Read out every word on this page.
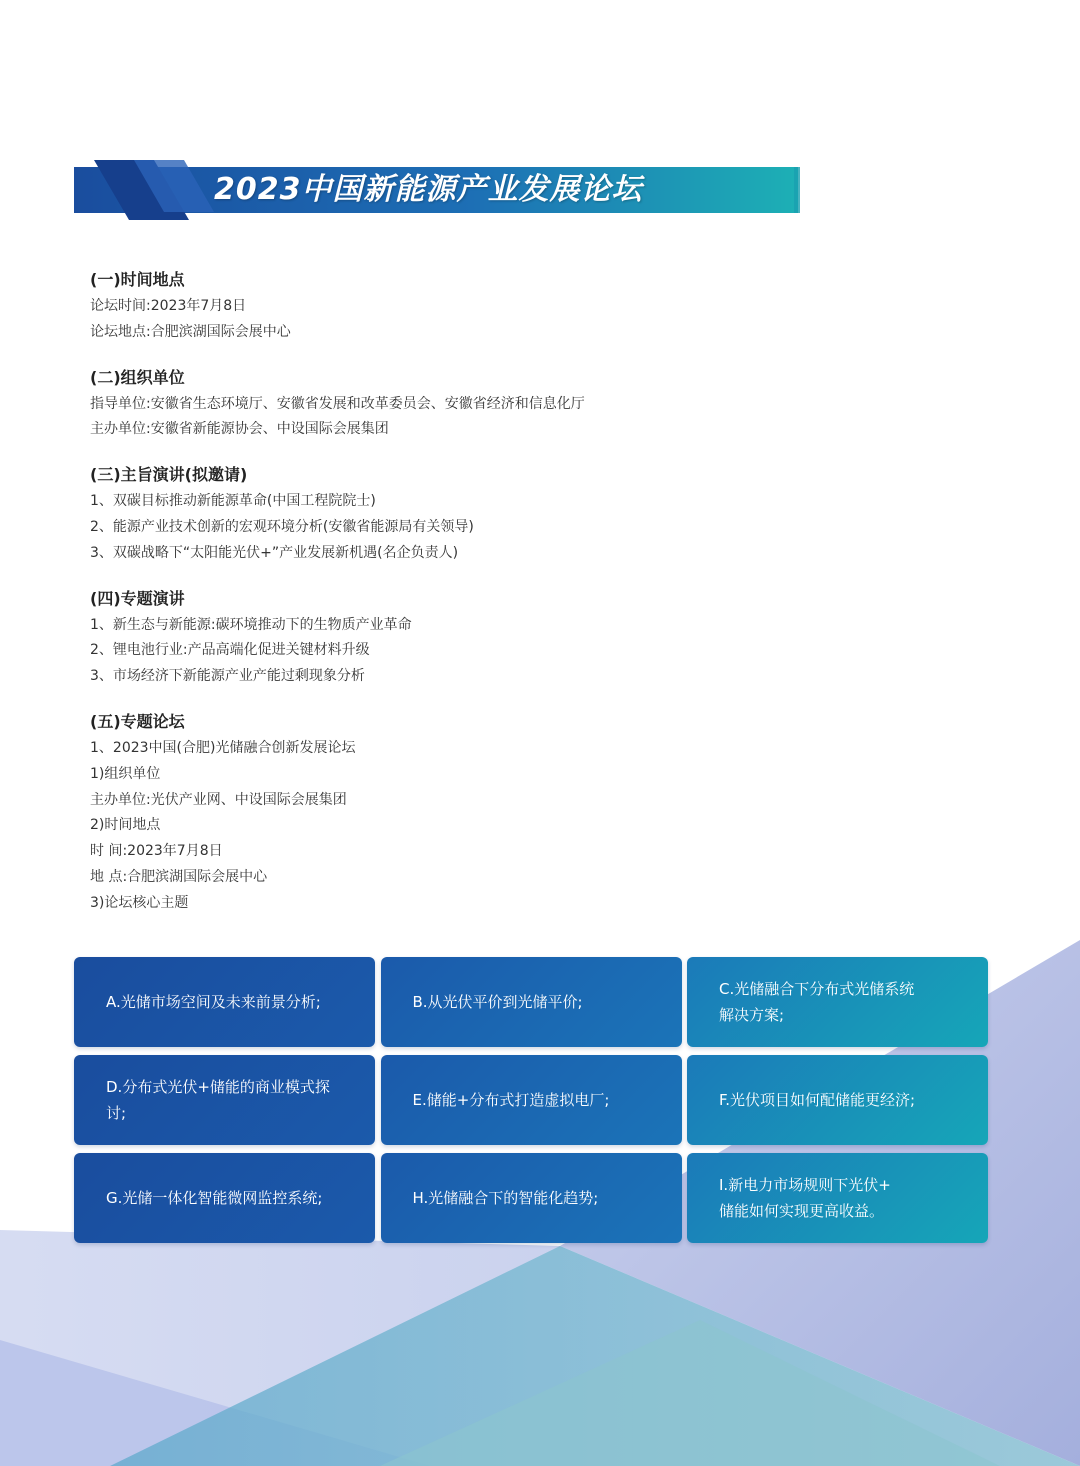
2023中国新能源产业发展论坛
(一)时间地点
论坛时间:2023年7月8日
论坛地点:合肥滨湖国际会展中心
(二)组织单位
指导单位:安徽省生态环境厅、安徽省发展和改革委员会、安徽省经济和信息化厅
主办单位:安徽省新能源协会、中设国际会展集团
(三)主旨演讲(拟邀请)
1、双碳目标推动新能源革命(中国工程院院士)
2、能源产业技术创新的宏观环境分析(安徽省能源局有关领导)
3、双碳战略下“太阳能光伏+”产业发展新机遇(名企负责人)
(四)专题演讲
1、新生态与新能源:碳环境推动下的生物质产业革命
2、锂电池行业:产品高端化促进关键材料升级
3、市场经济下新能源产业产能过剩现象分析
(五)专题论坛
1、2023中国(合肥)光储融合创新发展论坛
1)组织单位
主办单位:光伏产业网、中设国际会展集团
2)时间地点
时 间:2023年7月8日
地 点:合肥滨湖国际会展中心
3)论坛核心主题
A.光储市场空间及未来前景分析;	B.从光伏平价到光储平价;
C.光储融合下分布式光储系统
解决方案;
D.分布式光伏+储能的商业模式探讨;
E.储能+分布式打造虚拟电厂;	F.光伏项目如何配储能更经济;
G.光储一体化智能微网监控系统;	H.光储融合下的智能化趋势;
I.新电力市场规则下光伏+
储能如何实现更高收益。
